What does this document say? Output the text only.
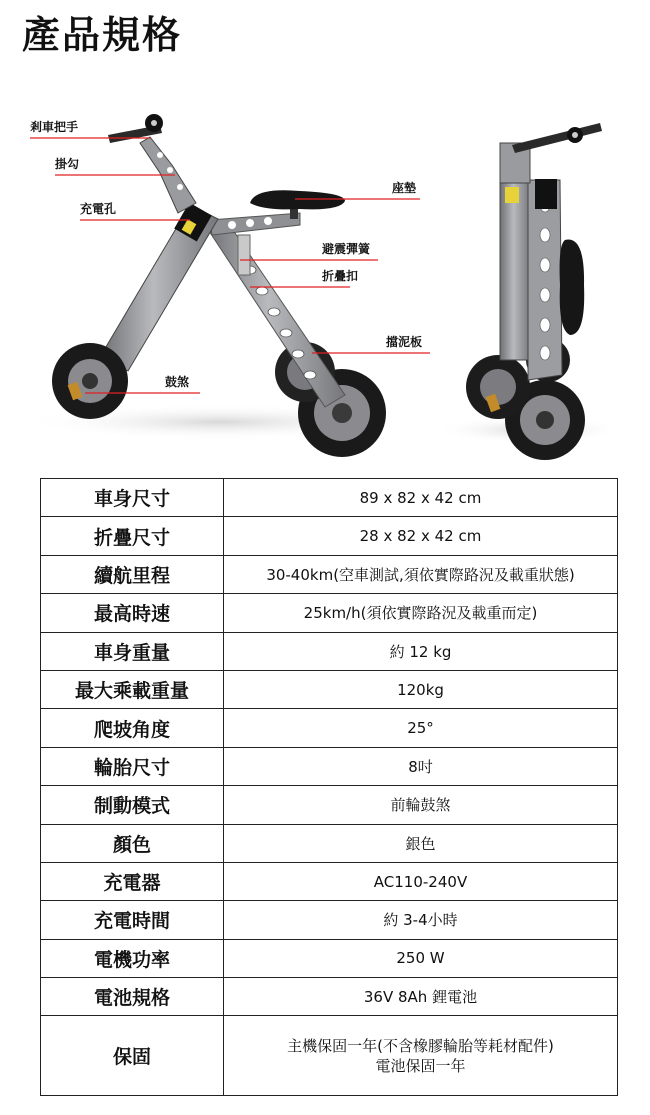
產品規格
剎車把手
掛勾
充電孔
鼓煞
座墊
避震彈簧
折疊扣
擋泥板
車身尺寸	89 x 82 x 42 cm
折疊尺寸	28 x 82 x 42 cm
續航里程	30-40km(空車測試,須依實際路況及載重狀態)
最高時速	25km/h(須依實際路況及載重而定)
車身重量	約 12 kg
最大乘載重量	120kg
爬坡角度	25°
輪胎尺寸	8吋
制動模式	前輪鼓煞
顏色	銀色
充電器	AC110-240V
充電時間	約 3-4小時
電機功率	250 W
電池規格	36V 8Ah 鋰電池
保固	主機保固一年(不含橡膠輪胎等耗材配件)
電池保固一年
